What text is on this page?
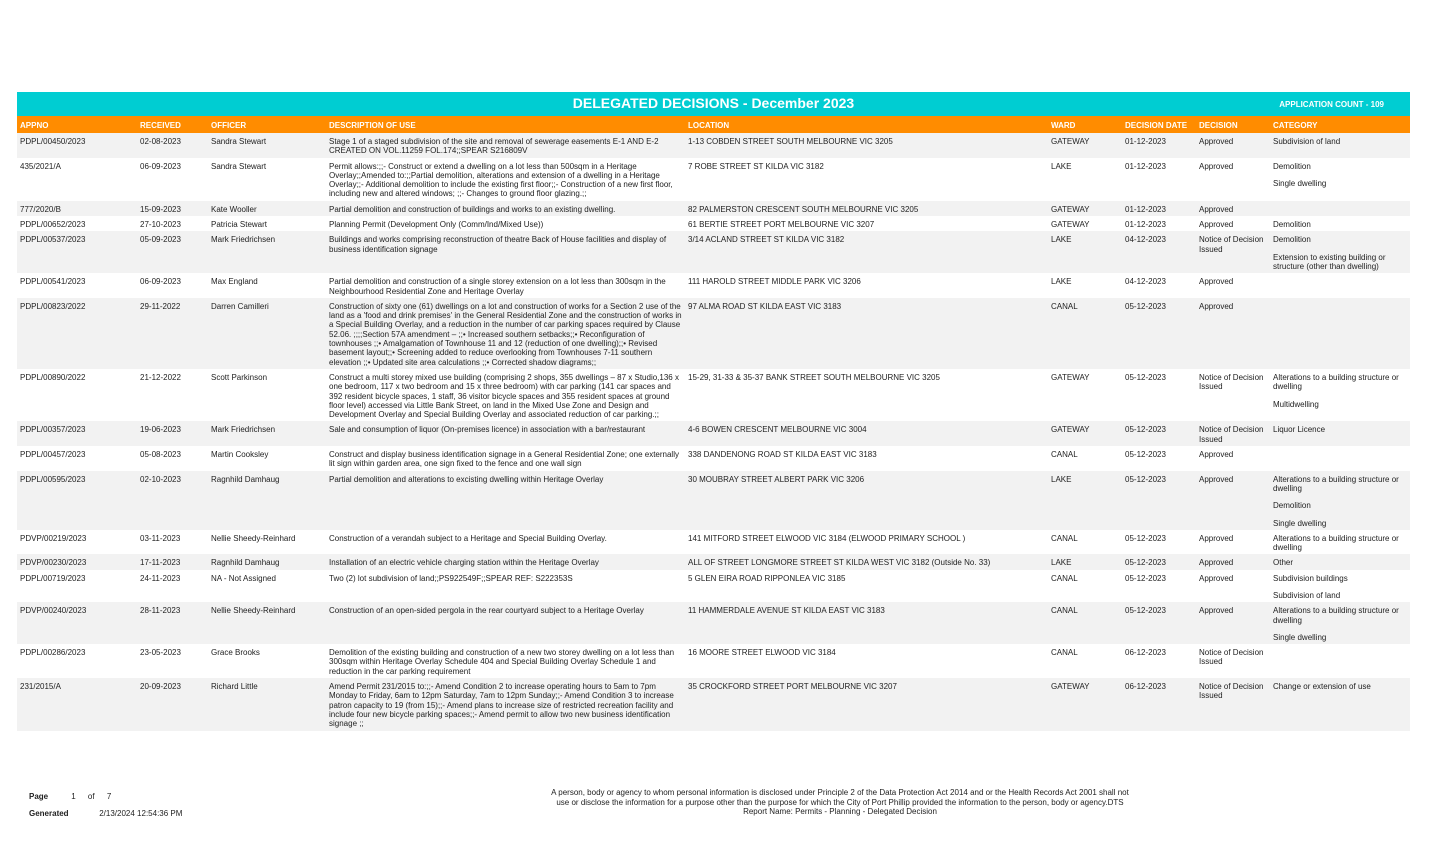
DELEGATED DECISIONS - December 2023	APPLICATION COUNT - 109
APPNO	RECEIVED	OFFICER	DESCRIPTION OF USE	LOCATION	WARD	DECISION DATE	DECISION	CATEGORY
PDPL/00450/2023	02-08-2023	Sandra Stewart	Stage 1 of a staged subdivision of the site and removal of sewerage easements E-1 AND E-2 CREATED ON VOL.11259 FOL.174;;SPEAR S216809V	1-13 COBDEN STREET SOUTH MELBOURNE VIC 3205	GATEWAY	01-12-2023	Approved	Subdivision of land

435/2021/A	06-09-2023	Sandra Stewart	Permit allows:;;- Construct or extend a dwelling on a lot less than 500sqm in a Heritage Overlay;;Amended to:;;Partial demolition, alterations and extension of a dwelling in a Heritage Overlay;;- Additional demolition to include the existing first floor;;- Construction of a new first floor, including new and altered windows; ;;- Changes to ground floor glazing.;;	7 ROBE STREET ST KILDA VIC 3182	LAKE	01-12-2023	Approved	Demolition
Single dwelling

777/2020/B	15-09-2023	Kate Wooller	Partial demolition and construction of buildings and works to an existing dwelling.	82 PALMERSTON CRESCENT SOUTH MELBOURNE VIC 3205	GATEWAY	01-12-2023	Approved	
PDPL/00652/2023	27-10-2023	Patricia Stewart	Planning Permit (Development Only (Comm/Ind/Mixed Use))	61 BERTIE STREET PORT MELBOURNE VIC 3207	GATEWAY	01-12-2023	Approved	Demolition

PDPL/00537/2023	05-09-2023	Mark Friedrichsen	Buildings and works comprising reconstruction of theatre Back of House facilities and display of business identification signage	3/14 ACLAND STREET ST KILDA VIC 3182	LAKE	04-12-2023	Notice of Decision Issued	Demolition
Extension to existing building or structure (other than dwelling)

PDPL/00541/2023	06-09-2023	Max England	Partial demolition and construction of a single storey extension on a lot less than 300sqm in the Neighbourhood Residential Zone and Heritage Overlay	111 HAROLD STREET MIDDLE PARK VIC 3206	LAKE	04-12-2023	Approved	
PDPL/00823/2022	29-11-2022	Darren Camilleri	Construction of sixty one (61) dwellings on a lot and construction of works for a Section 2 use of the land as a 'food and drink premises' in the General Residential Zone and the construction of works in a Special Building Overlay, and a reduction in the number of car parking spaces required by Clause 52.06. ;;;;Section 57A amendment – ;;• Increased southern setbacks;;• Reconfiguration of townhouses ;;• Amalgamation of Townhouse 11 and 12 (reduction of one dwelling);;• Revised basement layout;;• Screening added to reduce overlooking from Townhouses 7-11 southern elevation ;;• Updated site area calculations ;;• Corrected shadow diagrams;;	97 ALMA ROAD ST KILDA EAST VIC 3183	CANAL	05-12-2023	Approved	
PDPL/00890/2022	21-12-2022	Scott Parkinson	Construct a multi storey mixed use building (comprising 2 shops, 355 dwellings – 87 x Studio,136 x one bedroom, 117 x two bedroom and 15 x three bedroom) with car parking (141 car spaces and 392 resident bicycle spaces, 1 staff, 36 visitor bicycle spaces and 355 resident spaces at ground floor level) accessed via Little Bank Street, on land in the Mixed Use Zone and Design and Development Overlay and Special Building Overlay and associated reduction of car parking.;;	15-29, 31-33 & 35-37 BANK STREET SOUTH MELBOURNE VIC 3205	GATEWAY	05-12-2023	Notice of Decision Issued	Alterations to a building structure or dwelling
Multidwelling

PDPL/00357/2023	19-06-2023	Mark Friedrichsen	Sale and consumption of liquor (On-premises licence) in association with a bar/restaurant	4-6 BOWEN CRESCENT MELBOURNE VIC 3004	GATEWAY	05-12-2023	Notice of Decision Issued	Liquor Licence

PDPL/00457/2023	05-08-2023	Martin Cooksley	Construct and display business identification signage in a General Residential Zone; one externally lit sign within garden area, one sign fixed to the fence and one wall sign	338 DANDENONG ROAD ST KILDA EAST VIC 3183	CANAL	05-12-2023	Approved	
PDPL/00595/2023	02-10-2023	Ragnhild Damhaug	Partial demolition and alterations to excisting dwelling within Heritage Overlay	30 MOUBRAY STREET ALBERT PARK VIC 3206	LAKE	05-12-2023	Approved	Alterations to a building structure or dwelling
Demolition
Single dwelling

PDVP/00219/2023	03-11-2023	Nellie Sheedy-Reinhard	Construction of a verandah subject to a Heritage and Special Building Overlay.	141 MITFORD STREET ELWOOD VIC 3184 (ELWOOD PRIMARY SCHOOL )	CANAL	05-12-2023	Approved	Alterations to a building structure or dwelling

PDVP/00230/2023	17-11-2023	Ragnhild Damhaug	Installation of an electric vehicle charging station within the Heritage Overlay	ALL OF STREET LONGMORE STREET ST KILDA WEST VIC 3182 (Outside No. 33)	LAKE	05-12-2023	Approved	Other

PDPL/00719/2023	24-11-2023	NA - Not Assigned	Two (2) lot subdivision of land;;PS922549F;;SPEAR REF: S222353S	5 GLEN EIRA ROAD RIPPONLEA VIC 3185	CANAL	05-12-2023	Approved	Subdivision buildings
Subdivision of land

PDVP/00240/2023	28-11-2023	Nellie Sheedy-Reinhard	Construction of an open-sided pergola in the rear courtyard subject to a Heritage Overlay	11 HAMMERDALE AVENUE ST KILDA EAST VIC 3183	CANAL	05-12-2023	Approved	Alterations to a building structure or dwelling
Single dwelling

PDPL/00286/2023	23-05-2023	Grace Brooks	Demolition of the existing building and construction of a new two storey dwelling on a lot less than 300sqm within Heritage Overlay Schedule 404 and Special Building Overlay Schedule 1 and reduction in the car parking requirement	16 MOORE STREET ELWOOD VIC 3184	CANAL	06-12-2023	Notice of Decision Issued	
231/2015/A	20-09-2023	Richard Little	Amend Permit 231/2015 to:;;- Amend Condition 2 to increase operating hours to 5am to 7pm Monday to Friday, 6am to 12pm Saturday, 7am to 12pm Sunday;;- Amend Condition 3 to increase patron capacity to 19 (from 15);;- Amend plans to increase size of restricted recreation facility and include four new bicycle parking spaces;;- Amend permit to allow two new business identification signage ;;	35 CROCKFORD STREET PORT MELBOURNE VIC 3207	GATEWAY	06-12-2023	Notice of Decision Issued	Change or extension of use
Page	1 of 7
Generated	2/13/2024 12:54:36 PM
A person, body or agency to whom personal information is disclosed under Principle 2 of the Data Protection Act 2014 and or the Health Records Act 2001 shall not
use or disclose the information for a purpose other than the purpose for which the City of Port Phillip provided the information to the person, body or agency.DTS
Report Name: Permits - Planning - Delegated Decision
